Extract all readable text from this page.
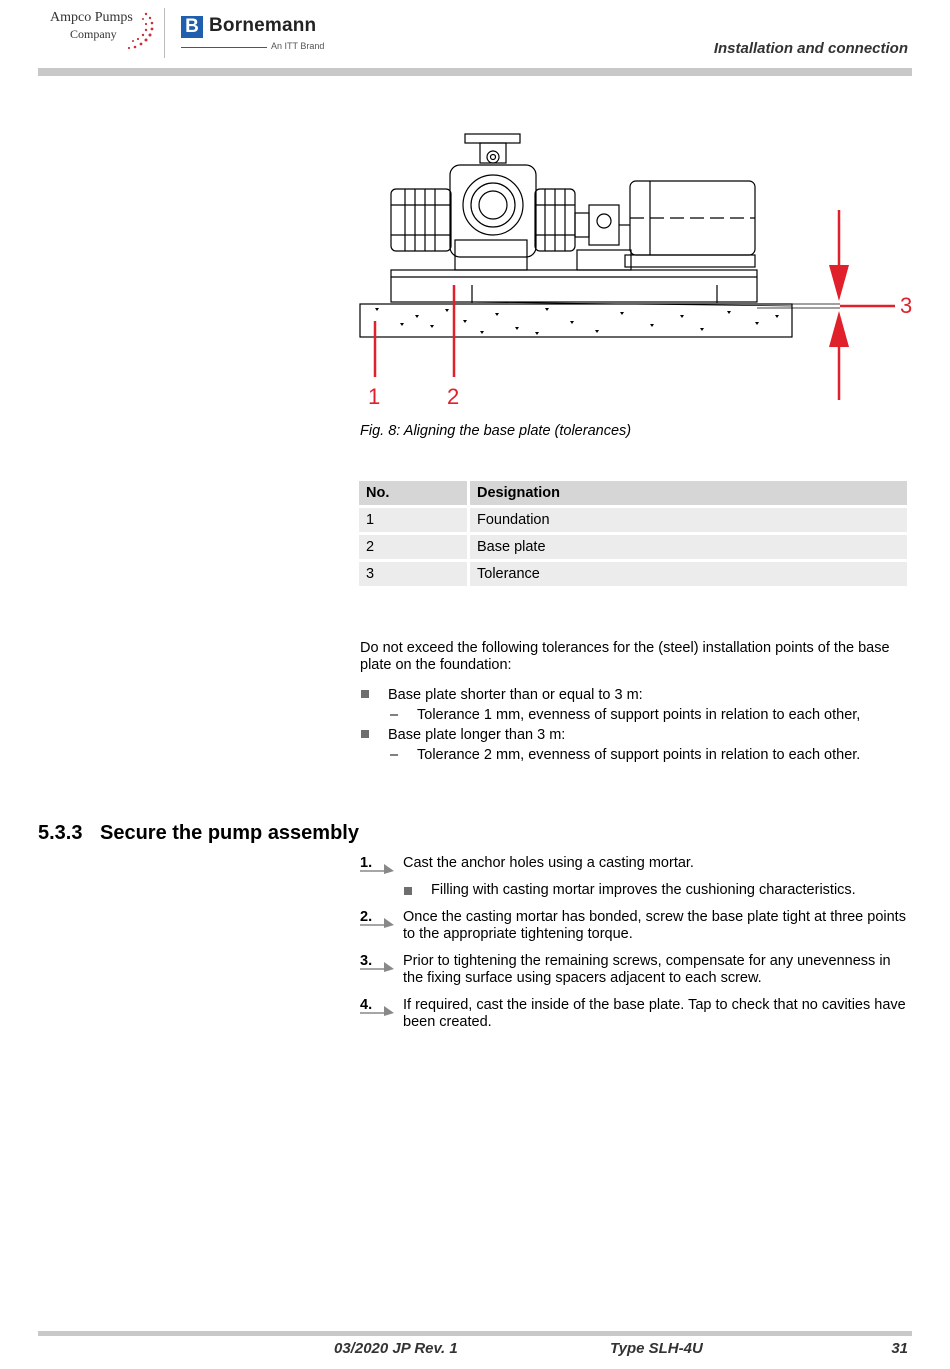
Ampco Pumps
Company	B Bornemann
An ITT Brand	Installation and connection
1	2
3
Fig. 8: Aligning the base plate (tolerances)
No.	Designation
1	Foundation
2	Base plate
3	Tolerance
Do not exceed the following tolerances for the (steel) installation points of the base plate on the foundation:
Base plate shorter than or equal to 3 m:
– Tolerance 1 mm, evenness of support points in relation to each other,
Base plate longer than 3 m:
– Tolerance 2 mm, evenness of support points in relation to each other.
5.3.3 Secure the pump assembly
1. Cast the anchor holes using a casting mortar.
Filling with casting mortar improves the cushioning characteristics.
2. Once the casting mortar has bonded, screw the base plate tight at three points to the appropriate tightening torque.
3. Prior to tightening the remaining screws, compensate for any unevenness in the fixing surface using spacers adjacent to each screw.
4. If required, cast the inside of the base plate. Tap to check that no cavities have been created.
03/2020 JP Rev. 1	Type SLH-4U	31
